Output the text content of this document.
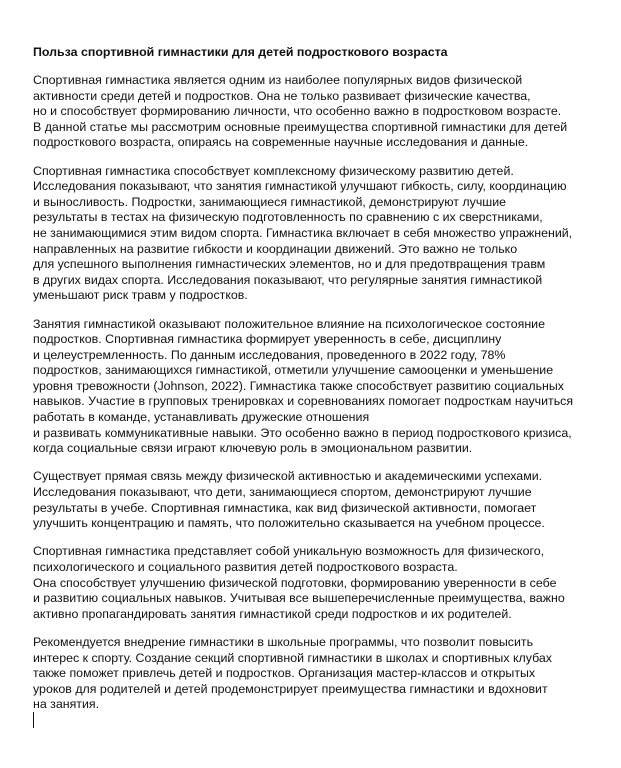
Польза спортивной гимнастики для детей подросткового возраста
Спортивная гимнастика является одним из наиболее популярных видов физической
активности среди детей и подростков. Она не только развивает физические качества,
но и способствует формированию личности, что особенно важно в подростковом возрасте.
В данной статье мы рассмотрим основные преимущества спортивной гимнастики для детей
подросткового возраста, опираясь на современные научные исследования и данные.
Спортивная гимнастика способствует комплексному физическому развитию детей.
Исследования показывают, что занятия гимнастикой улучшают гибкость, силу, координацию
и выносливость. Подростки, занимающиеся гимнастикой, демонстрируют лучшие
результаты в тестах на физическую подготовленность по сравнению с их сверстниками,
не занимающимися этим видом спорта. Гимнастика включает в себя множество упражнений,
направленных на развитие гибкости и координации движений. Это важно не только
для успешного выполнения гимнастических элементов, но и для предотвращения травм
в других видах спорта. Исследования показывают, что регулярные занятия гимнастикой
уменьшают риск травм у подростков.
Занятия гимнастикой оказывают положительное влияние на психологическое состояние
подростков. Спортивная гимнастика формирует уверенность в себе, дисциплину
и целеустремленность. По данным исследования, проведенного в 2022 году, 78%
подростков, занимающихся гимнастикой, отметили улучшение самооценки и уменьшение
уровня тревожности (Johnson, 2022). Гимнастика также способствует развитию социальных
навыков. Участие в групповых тренировках и соревнованиях помогает подросткам научиться
работать в команде, устанавливать дружеские отношения
и развивать коммуникативные навыки. Это особенно важно в период подросткового кризиса,
когда социальные связи играют ключевую роль в эмоциональном развитии.
Существует прямая связь между физической активностью и академическими успехами.
Исследования показывают, что дети, занимающиеся спортом, демонстрируют лучшие
результаты в учебе. Спортивная гимнастика, как вид физической активности, помогает
улучшить концентрацию и память, что положительно сказывается на учебном процессе.
Спортивная гимнастика представляет собой уникальную возможность для физического,
психологического и социального развития детей подросткового возраста.
Она способствует улучшению физической подготовки, формированию уверенности в себе
и развитию социальных навыков. Учитывая все вышеперечисленные преимущества, важно
активно пропагандировать занятия гимнастикой среди подростков и их родителей.
Рекомендуется внедрение гимнастики в школьные программы, что позволит повысить
интерес к спорту. Создание секций спортивной гимнастики в школах и спортивных клубах
также поможет привлечь детей и подростков. Организация мастер-классов и открытых
уроков для родителей и детей продемонстрирует преимущества гимнастики и вдохновит
на занятия.
